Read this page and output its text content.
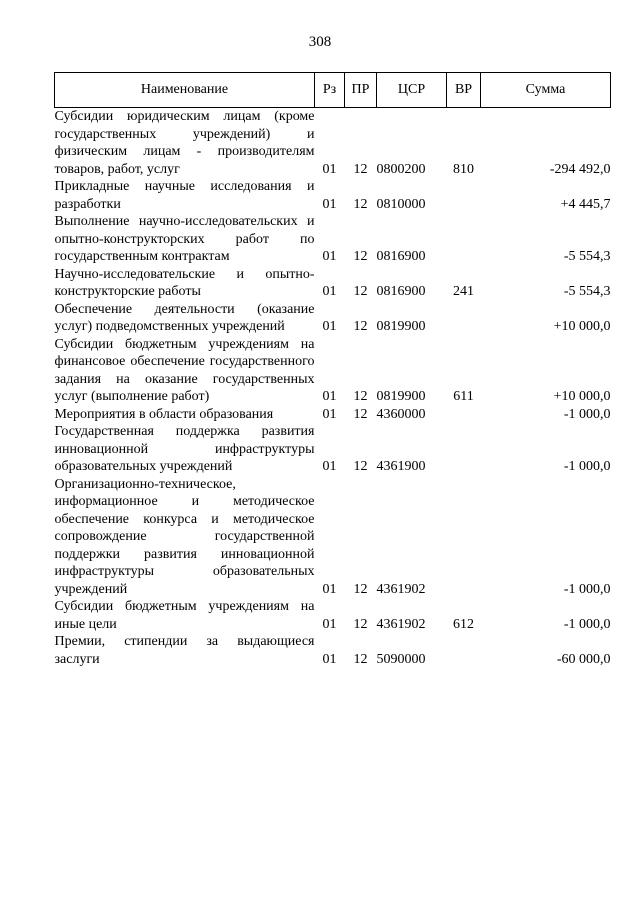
308
Наименование	Рз	ПР	ЦСР	ВР	Сумма
Субсидии юридическим лицам (кроме государственных учреждений) и физическим лицам - производителям товаров, работ, услуг	01	12	0800200	810	-294 492,0
Прикладные научные исследования и разработки	01	12	0810000		+4 445,7
Выполнение научно-исследовательских и опытно-конструкторских работ по государственным контрактам	01	12	0816900		-5 554,3
Научно-исследовательские и опытно-конструкторские работы	01	12	0816900	241	-5 554,3
Обеспечение деятельности (оказание услуг) подведомственных учреждений	01	12	0819900		+10 000,0
Субсидии бюджетным учреждениям на финансовое обеспечение государственного задания на оказание государственных услуг (выполнение работ)	01	12	0819900	611	+10 000,0
Мероприятия в области образования	01	12	4360000		-1 000,0
Государственная поддержка развития инновационной инфраструктуры образовательных учреждений	01	12	4361900		-1 000,0
Организационно-техническое, информационное и методическое обеспечение конкурса и методическое сопровождение государственной поддержки развития инновационной инфраструктуры образовательных учреждений	01	12	4361902		-1 000,0
Субсидии бюджетным учреждениям на иные цели	01	12	4361902	612	-1 000,0
Премии, стипендии за выдающиеся заслуги	01	12	5090000		-60 000,0
